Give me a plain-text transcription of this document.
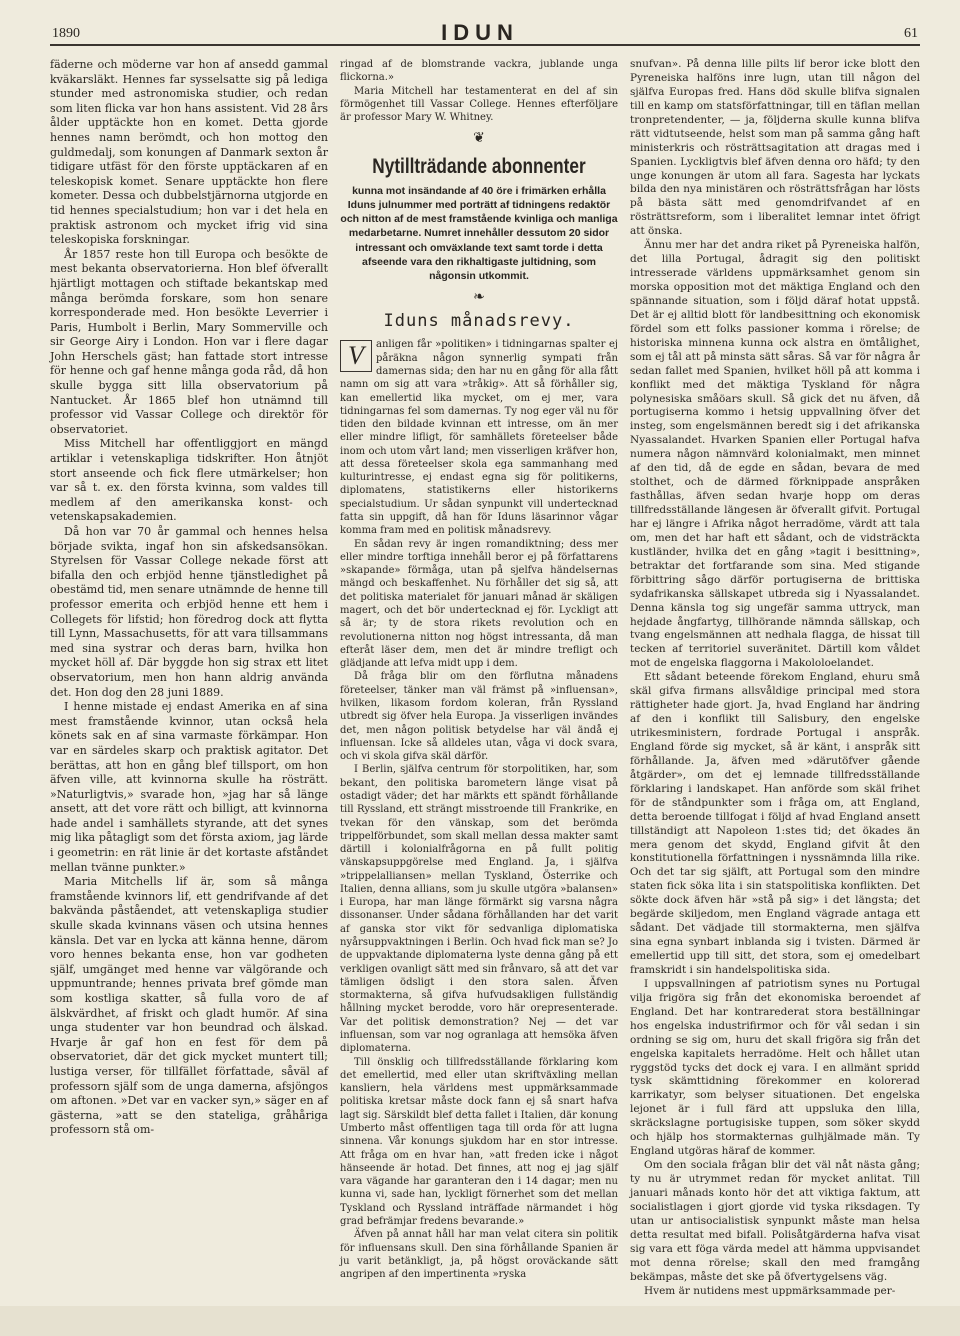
1890	IDUN	61

fäderne och möderne var hon af ansedd gammal kväkarsläkt. Hennes far sysselsatte sig på lediga stunder med astronomiska studier, och redan som liten flicka var hon hans assistent. Vid 28 års ålder upptäckte hon en komet. Detta gjorde hennes namn berömdt, och hon mottog den guldmedalj, som konungen af Danmark sexton år tidigare utfäst för den förste upptäckaren af en teleskopisk komet. Senare upptäckte hon flere kometer. Dessa och dubbelstjärnorna utgjorde en tid hennes specialstudium; hon var i det hela en praktisk astronom och mycket ifrig vid sina teleskopiska forskningar.

År 1857 reste hon till Europa och besökte de mest bekanta observatorierna. Hon blef öfverallt hjärtligt mottagen och stiftade bekantskap med många berömda forskare, som hon senare korresponderade med. Hon besökte Leverrier i Paris, Humbolt i Berlin, Mary Sommerville och sir George Airy i London. Hon var i flere dagar John Herschels gäst; han fattade stort intresse för henne och gaf henne många goda råd, då hon skulle bygga sitt lilla observatorium på Nantucket. År 1865 blef hon utnämnd till professor vid Vassar College och direktör för observatoriet.

Miss Mitchell har offentliggjort en mängd artiklar i vetenskapliga tidskrifter. Hon åtnjöt stort anseende och fick flere utmärkelser; hon var så t. ex. den första kvinna, som valdes till medlem af den amerikanska konst- och vetenskapsakademien.

Då hon var 70 år gammal och hennes helsa började svikta, ingaf hon sin afskedsansökan. Styrelsen för Vassar College nekade först att bifalla den och erbjöd henne tjänstledighet på obestämd tid, men senare utnämnde de henne till professor emerita och erbjöd henne ett hem i Collegets för lifstid; hon föredrog dock att flytta till Lynn, Massachusetts, för att vara tillsammans med sina systrar och deras barn, hvilka hon mycket höll af. Där byggde hon sig strax ett litet observatorium, men hon hann aldrig använda det. Hon dog den 28 juni 1889.

I henne mistade ej endast Amerika en af sina mest framstående kvinnor, utan också hela könets sak en af sina varmaste förkämpar. Hon var en särdeles skarp och praktisk agitator. Det berättas, att hon en gång blef tillsport, om hon äfven ville, att kvinnorna skulle ha rösträtt. »Naturligtvis,» svarade hon, »jag har så länge ansett, att det vore rätt och billigt, att kvinnorna hade andel i samhällets styrande, att det synes mig lika påtagligt som det första axiom, jag lärde i geometrin: en rät linie är det kortaste afståndet mellan tvänne punkter.»

Maria Mitchells lif är, som så många framstående kvinnors lif, ett gendrifvande af det bakvända påståendet, att vetenskapliga studier skulle skada kvinnans väsen och utsina hennes känsla. Det var en lycka att känna henne, därom voro hennes bekanta ense, hon var godheten själf, umgänget med henne var välgörande och uppmuntrande; hennes privata bref gömde man som kostliga skatter, så fulla voro de af älskvärdhet, af friskt och gladt humör. Af sina unga studenter var hon beundrad och älskad. Hvarje år gaf hon en fest för dem på observatoriet, där det gick mycket muntert till; lustiga verser, för tillfället författade, såväl af professorn själf som de unga damerna, afsjöngos om aftonen. »Det var en vacker syn,» säger en af gästerna, »att se den stateliga, gråhåriga professorn stå om-

ringad af de blomstrande vackra, jublande unga flickorna.»

Maria Mitchell har testamenterat en del af sin förmögenhet till Vassar College. Hennes efterföljare är professor Mary W. Whitney.

❦
Nytillträdande abonnenter
kunna mot insändande af 40 öre i frimärken erhålla Iduns julnummer med porträtt af tidningens redaktör och nitton af de mest framstående kvinliga och manliga medarbetarne. Numret innehåller dessutom 20 sidor intressant och omväxlande text samt torde i detta afseende vara den rikhaltigaste jultidning, som någonsin utkommit.
❧
Iduns månadsrevy.

V	anligen får »politiken» i tidningarnas spalter ej påräkna någon synnerlig sympati från damernas sida; den har nu en gång för alla fått namn om sig att vara »tråkig». Att så förhåller sig, kan emellertid lika mycket, om ej mer, vara tidningarnas fel som damernas. Ty nog eger väl nu för tiden den bildade kvinnan ett intresse, om än mer eller mindre lifligt, för samhällets företeelser både inom och utom vårt land; men visserligen kräfver hon, att dessa företeelser skola ega sammanhang med kulturintresse, ej endast egna sig för politikerns, diplomatens, statistikerns eller historikerns specialstudium. Ur sådan synpunkt vill undertecknad fatta sin uppgift, då han för Iduns läsarinnor vågar komma fram med en politisk månadsrevy.

En sådan revy är ingen romandiktning; dess mer eller mindre torftiga innehåll beror ej på författarens »skapande» förmåga, utan på sjelfva händelsernas mängd och beskaffenhet. Nu förhåller det sig så, att det politiska materialet för januari månad är skäligen magert, och det bör undertecknad ej för. Lyckligt att så är; ty de stora rikets revolution och en revolutionerna nitton nog högst intressanta, då man efteråt läser dem, men det är mindre trefligt och glädjande att lefva midt upp i dem.

Då fråga blir om den förflutna månadens företeelser, tänker man väl främst på »influensan», hvilken, likasom fordom koleran, från Ryssland utbredt sig öfver hela Europa. Ja visserligen invändes det, men någon politisk betydelse har väl ändå ej influensan. Icke så alldeles utan, våga vi dock svara, och vi skola gifva skäl därför.

I Berlin, själfva centrum för storpolitiken, har, som bekant, den politiska barometern länge visat på ostadigt väder; det har märkts ett spändt förhållande till Ryssland, ett strängt misstroende till Frankrike, en tvekan för den vänskap, som det berömda trippelförbundet, som skall mellan dessa makter samt därtill i kolonialfrågorna en på fullt politig vänskapsuppgörelse med England. Ja, i själfva »trippelalliansen» mellan Tyskland, Österrike och Italien, denna allians, som ju skulle utgöra »balansen» i Europa, har man länge förmärkt sig varsna några dissonanser. Under sådana förhållanden har det varit af ganska stor vikt för sedvanliga diplomatiska nyårsuppvaktningen i Berlin. Och hvad fick man se? Jo de uppvaktande diplomaterna lyste denna gång på ett verkligen ovanligt sätt med sin frånvaro, så att det var tämligen ödsligt i den stora salen. Äfven stormakterna, så gifva hufvudsakligen fullständig hållning mycket berodde, voro här orepresenterade. Var det politisk demonstration? Nej — det var influensan, som var nog ogranlaga att hemsöka äfven diplomaterna.

Till önsklig och tillfredsställande förklaring kom det emellertid, med eller utan skriftväxling mellan kansliern, hela världens mest uppmärksammade politiska kretsar måste dock fann ej så snart hafva lagt sig. Särskildt blef detta fallet i Italien, där konung Umberto måst offentligen taga till orda för att lugna sinnena. Vår konungs sjukdom har en stor intresse. Att fråga om en hvar han, »att freden icke i något hänseende är hotad. Det finnes, att nog ej jag själf vara vägande har garanteran den i 14 dagar; men nu kunna vi, sade han, lyckligt förnerhet som det mellan Tyskland och Ryssland inträffade närmandet i hög grad befrämjar fredens bevarande.»

Äfven på annat håll har man velat citera sin politik för influensans skull. Den sina förhållande Spanien är ju varit betänkligt, ja, på högst oroväckande sätt angripen af den impertinenta »ryska

snufvan». På denna lille pilts lif beror icke blott den Pyreneiska halföns inre lugn, utan till någon del själfva Europas fred. Hans död skulle blifva signalen till en kamp om statsförfattningar, till en täflan mellan tronpretendenter, — ja, följderna skulle kunna blifva rätt vidtutseende, helst som man på samma gång haft ministerkris och rösträttsagitation att dragas med i Spanien. Lyckligtvis blef äfven denna oro häfd; ty den unge konungen är utom all fara. Sagesta har lyckats bilda den nya ministären och rösträttsfrågan har lösts på bästa sätt med genomdrifvandet af en rösträttsreform, som i liberalitet lemnar intet öfrigt att önska.

Ännu mer har det andra riket på Pyreneiska halfön, det lilla Portugal, ådragit sig den politiskt intresserade världens uppmärksamhet genom sin morska opposition mot det mäktiga England och den spännande situation, som i följd däraf hotat uppstå. Det är ej alltid blott för landbesittning och ekonomisk fördel som ett folks passioner komma i rörelse; de historiska minnena kunna ock alstra en ömtålighet, som ej tål att på minsta sätt såras. Så var för några år sedan fallet med Spanien, hvilket höll på att komma i konflikt med det mäktiga Tyskland för några polynesiska småöars skull. Så gick det nu äfven, då portugiserna kommo i hetsig uppvallning öfver det insteg, som engelsmännen beredt sig i det afrikanska Nyassalandet. Hvarken Spanien eller Portugal hafva numera någon nämnvärd kolonialmakt, men minnet af den tid, då de egde en sådan, bevara de med stolthet, och de därmed förknippade anspråken fasthållas, äfven sedan hvarje hopp om deras tillfredsställande längesen är öfverallt gifvit. Portugal har ej längre i Afrika något herradöme, värdt att tala om, men det har haft ett sådant, och de vidsträckta kustländer, hvilka det en gång »tagit i besittning», betraktar det fortfarande som sina. Med stigande förbittring sågo därför portugiserna de brittiska sydafrikanska sällskapet utbreda sig i Nyassalandet. Denna känsla tog sig ungefär samma uttryck, man hejdade ångfartyg, tillhörande nämnda sällskap, och tvang engelsmännen att nedhala flagga, de hissat till tecken af territoriel suveränitet. Därtill kom våldet mot de engelska flaggorna i Makololoelandet.

Ett sådant beteende förekom England, ehuru små skäl gifva firmans allsvåldige principal med stora rättigheter hade gjort. Ja, hvad England har ändring af den i konflikt till Salisbury, den engelske utrikesministern, fordrade Portugal i anspråk. England förde sig mycket, så är känt, i anspråk sitt förhållande. Ja, äfven med »därutöfver gående åtgärder», om det ej lemnade tillfredsställande förklaring i landskapet. Han anförde som skäl frihet för de ståndpunkter som i fråga om, att England, detta beroende tillfogat i följd af hvad England ansett tillständigt att Napoleon 1:stes tid; det ökades än mera genom det skydd, England gifvit åt den konstitutionella författningen i nyssnämnda lilla rike. Och det tar sig själft, att Portugal som den mindre staten fick söka lita i sin statspolitiska konflikten. Det sökte dock äfven här »stå på sig» i det längsta; det begärde skiljedom, men England vägrade antaga ett sådant. Det vädjade till stormakterna, men själfva sina egna synbart inblanda sig i tvisten. Därmed är emellertid upp till sitt, det stora, som ej omedelbart framskridt i sin handelspolitiska sida.

I uppsvallningen af patriotism synes nu Portugal vilja frigöra sig från det ekonomiska beroendet af England. Det har kontrarederat stora beställningar hos engelska industrifirmor och för vål sedan i sin ordning se sig om, huru det skall frigöra sig från det engelska kapitalets herradöme. Helt och hållet utan ryggstöd tycks det dock ej vara. I en allmänt spridd tysk skämttidning förekommer en kolorerad karrikatyr, som belyser situationen. Det engelska lejonet är i full färd att uppsluka den lilla, skräckslagne portugisiske tuppen, som söker skydd och hjälp hos stormakternas gulhjälmade män. Ty England utgöras häraf de kommer.

Om den sociala frågan blir det väl nåt nästa gång; ty nu är utrymmet redan för mycket anlitat. Till januari månads konto hör det att viktiga faktum, att socialistlagen i gjort gjorde vid tyska riksdagen. Ty utan ur antisocialistisk synpunkt måste man helsa detta resultat med bifall. Polisåtgärderna hafva visat sig vara ett föga värda medel att hämma uppvisandet mot denna rörelse; skall den med framgång bekämpas, måste det ske på öfvertygelsens väg.

Hvem är nutidens mest uppmärksammade per-
